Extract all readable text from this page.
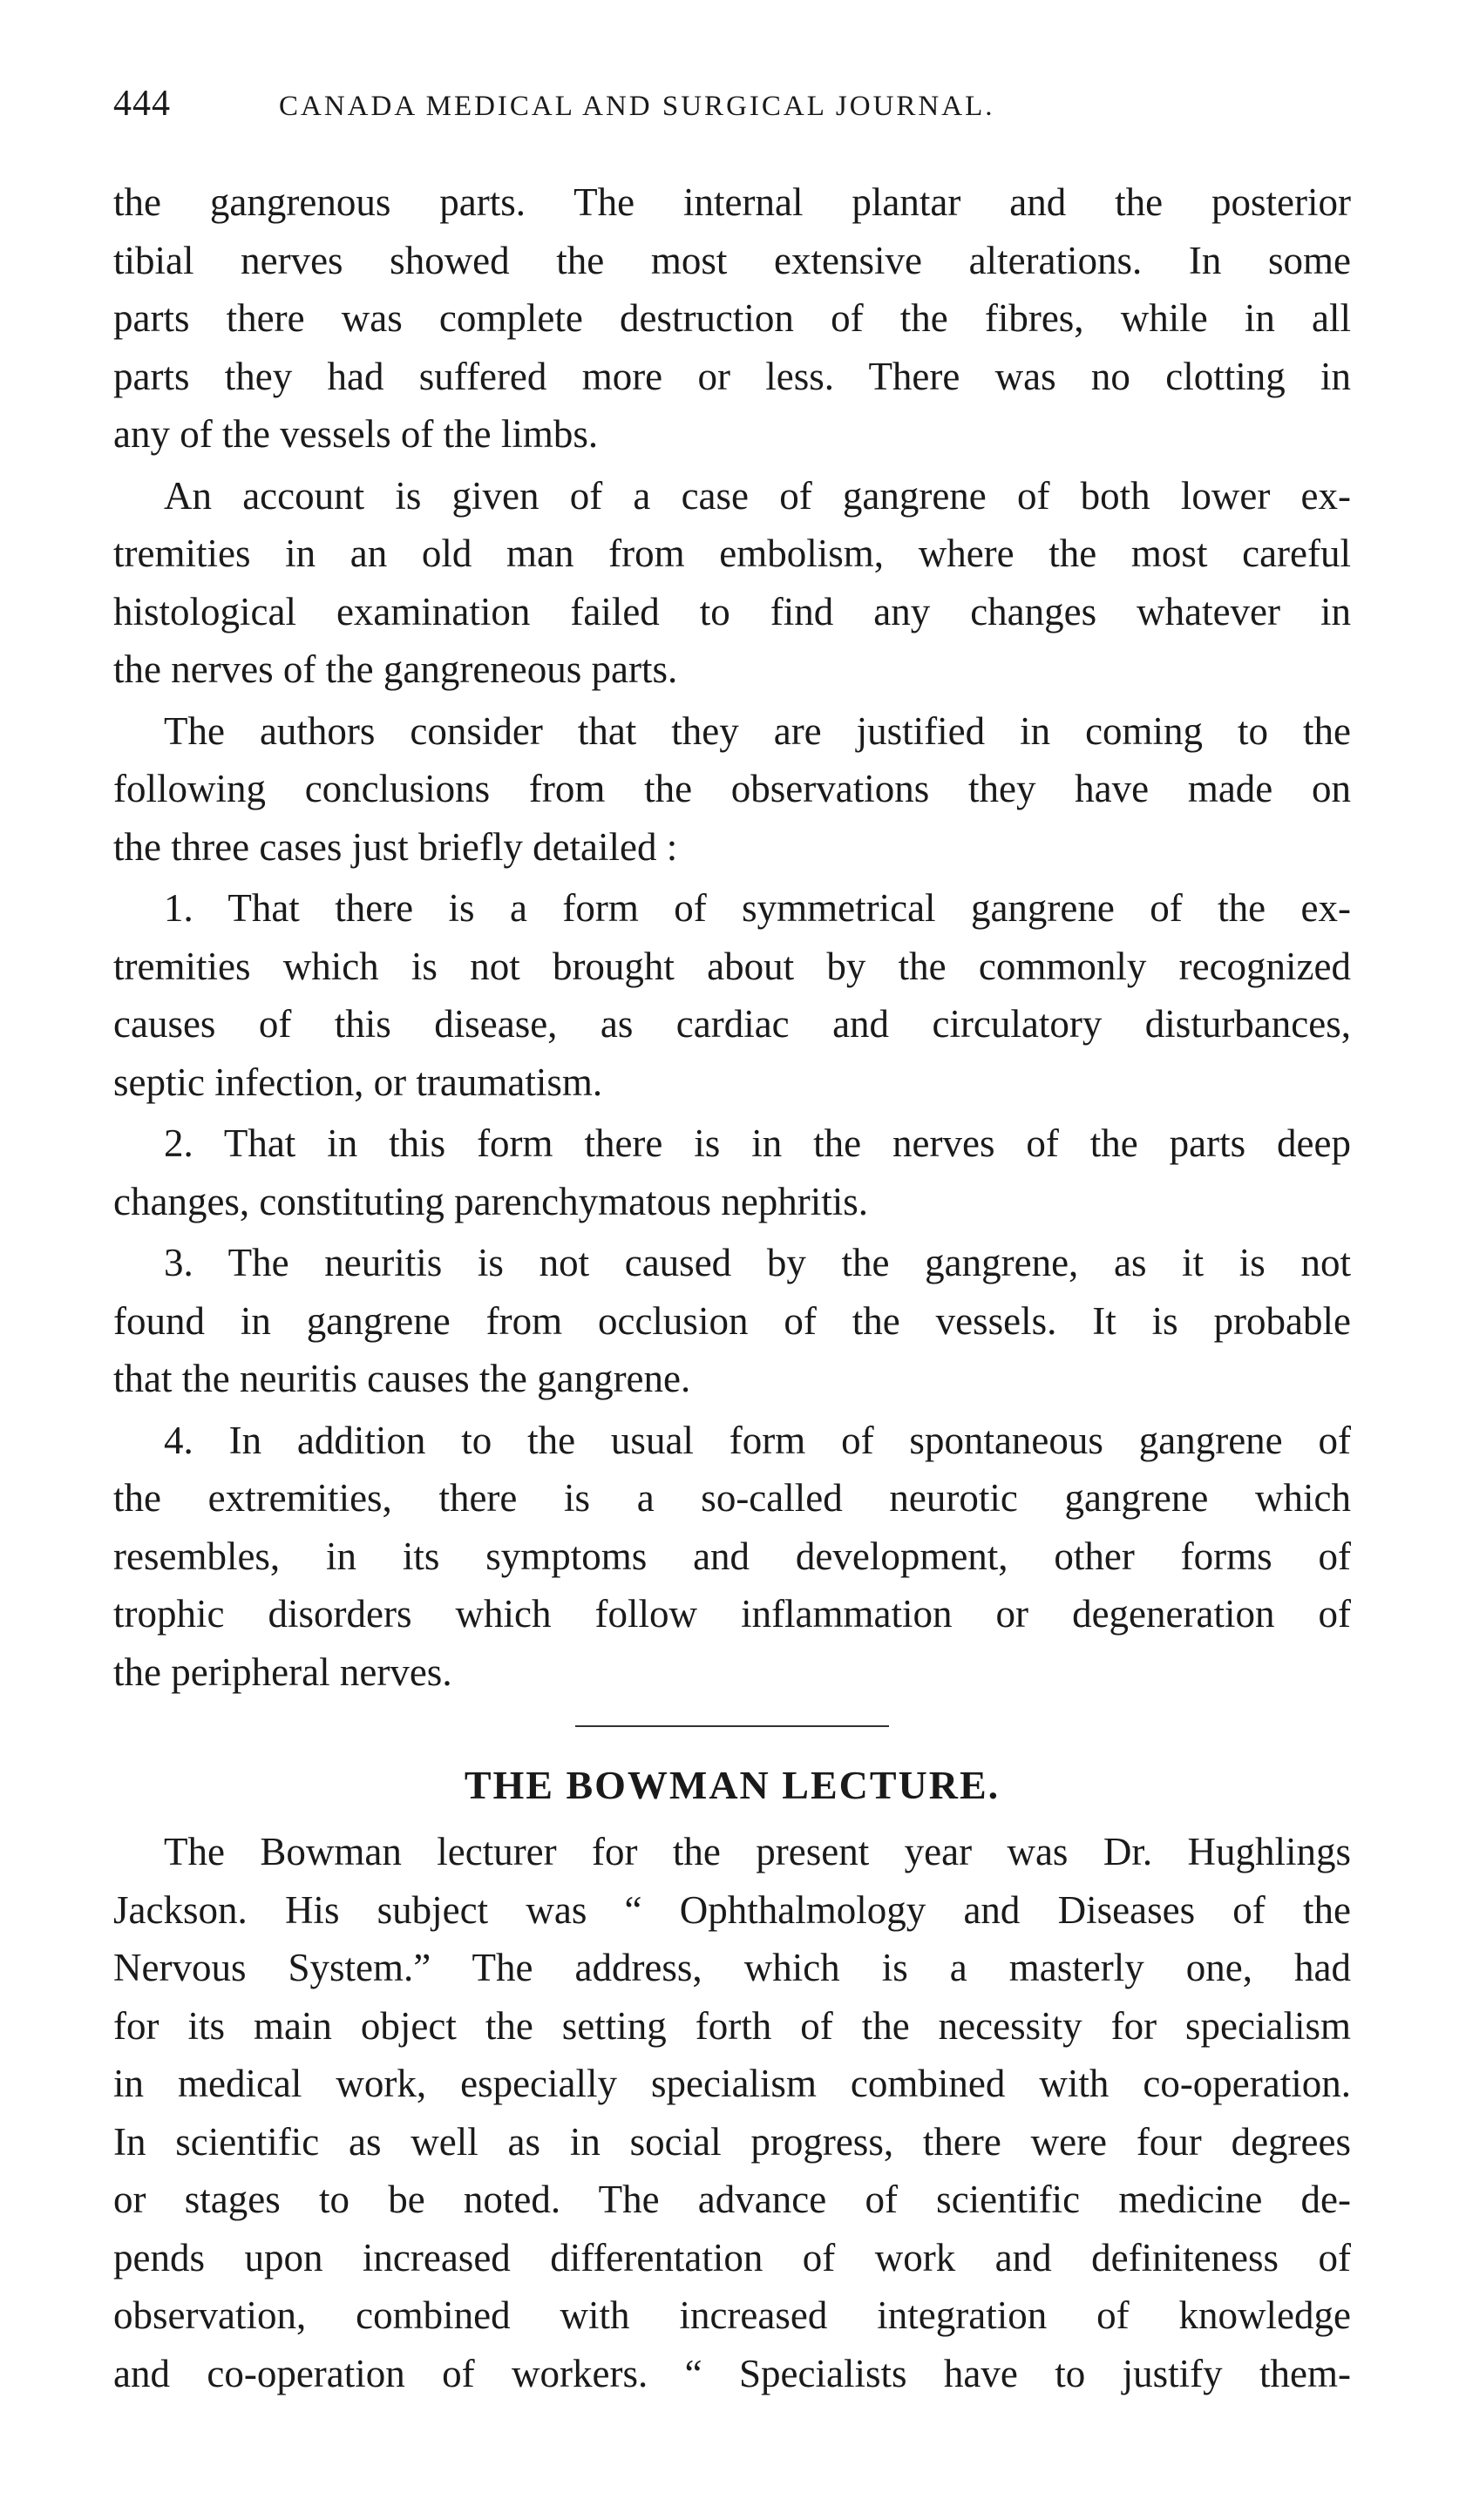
444	CANADA MEDICAL AND SURGICAL JOURNAL.

the gangrenous parts. The internal plantar and the posterior
tibial nerves showed the most extensive alterations. In some
parts there was complete destruction of the fibres, while in all
parts they had suffered more or less. There was no clotting in
any of the vessels of the limbs.

An account is given of a case of gangrene of both lower ex-
tremities in an old man from embolism, where the most careful
histological examination failed to find any changes whatever in
the nerves of the gangreneous parts.

The authors consider that they are justified in coming to the
following conclusions from the observations they have made on
the three cases just briefly detailed :

1. That there is a form of symmetrical gangrene of the ex-
tremities which is not brought about by the commonly recognized
causes of this disease, as cardiac and circulatory disturbances,
septic infection, or traumatism.

2. That in this form there is in the nerves of the parts deep
changes, constituting parenchymatous nephritis.

3. The neuritis is not caused by the gangrene, as it is not
found in gangrene from occlusion of the vessels. It is probable
that the neuritis causes the gangrene.

4. In addition to the usual form of spontaneous gangrene of
the extremities, there is a so-called neurotic gangrene which
resembles, in its symptoms and development, other forms of
trophic disorders which follow inflammation or degeneration of
the peripheral nerves.

THE BOWMAN LECTURE.

The Bowman lecturer for the present year was Dr. Hughlings
Jackson. His subject was “ Ophthalmology and Diseases of the
Nervous System.” The address, which is a masterly one, had
for its main object the setting forth of the necessity for specialism
in medical work, especially specialism combined with co-operation.
In scientific as well as in social progress, there were four degrees
or stages to be noted. The advance of scientific medicine de-
pends upon increased differentation of work and definiteness of
observation, combined with increased integration of knowledge
and co-operation of workers. “ Specialists have to justify them-
